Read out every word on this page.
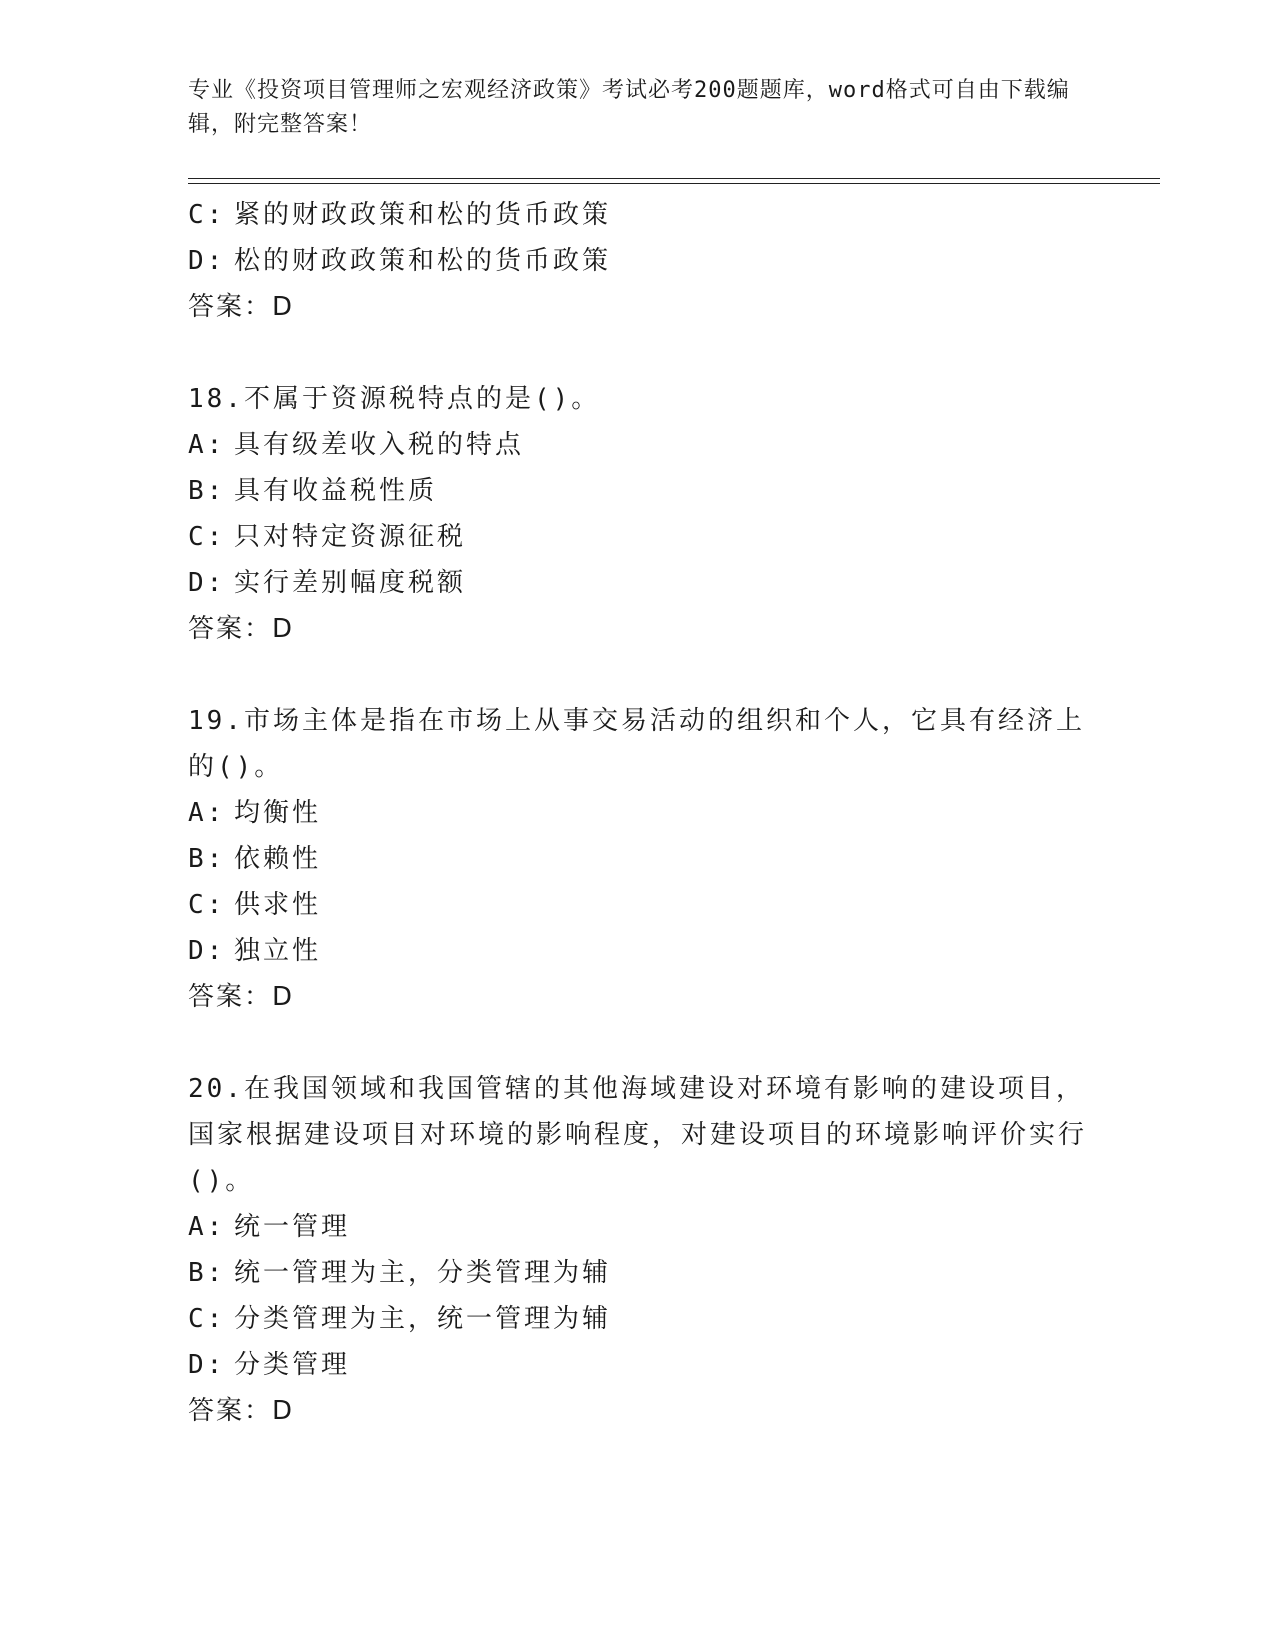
专业《投资项目管理师之宏观经济政策》考试必考200题题库，word格式可自由下载编辑，附完整答案！
C: 紧的财政政策和松的货币政策
D: 松的财政政策和松的货币政策
答案：D
18.不属于资源税特点的是()。
A: 具有级差收入税的特点
B: 具有收益税性质
C: 只对特定资源征税
D: 实行差别幅度税额
答案：D
19.市场主体是指在市场上从事交易活动的组织和个人，它具有经济上的()。
A: 均衡性
B: 依赖性
C: 供求性
D: 独立性
答案：D
20.在我国领域和我国管辖的其他海域建设对环境有影响的建设项目，国家根据建设项目对环境的影响程度，对建设项目的环境影响评价实行()。
A: 统一管理
B: 统一管理为主，分类管理为辅
C: 分类管理为主，统一管理为辅
D: 分类管理
答案：D
